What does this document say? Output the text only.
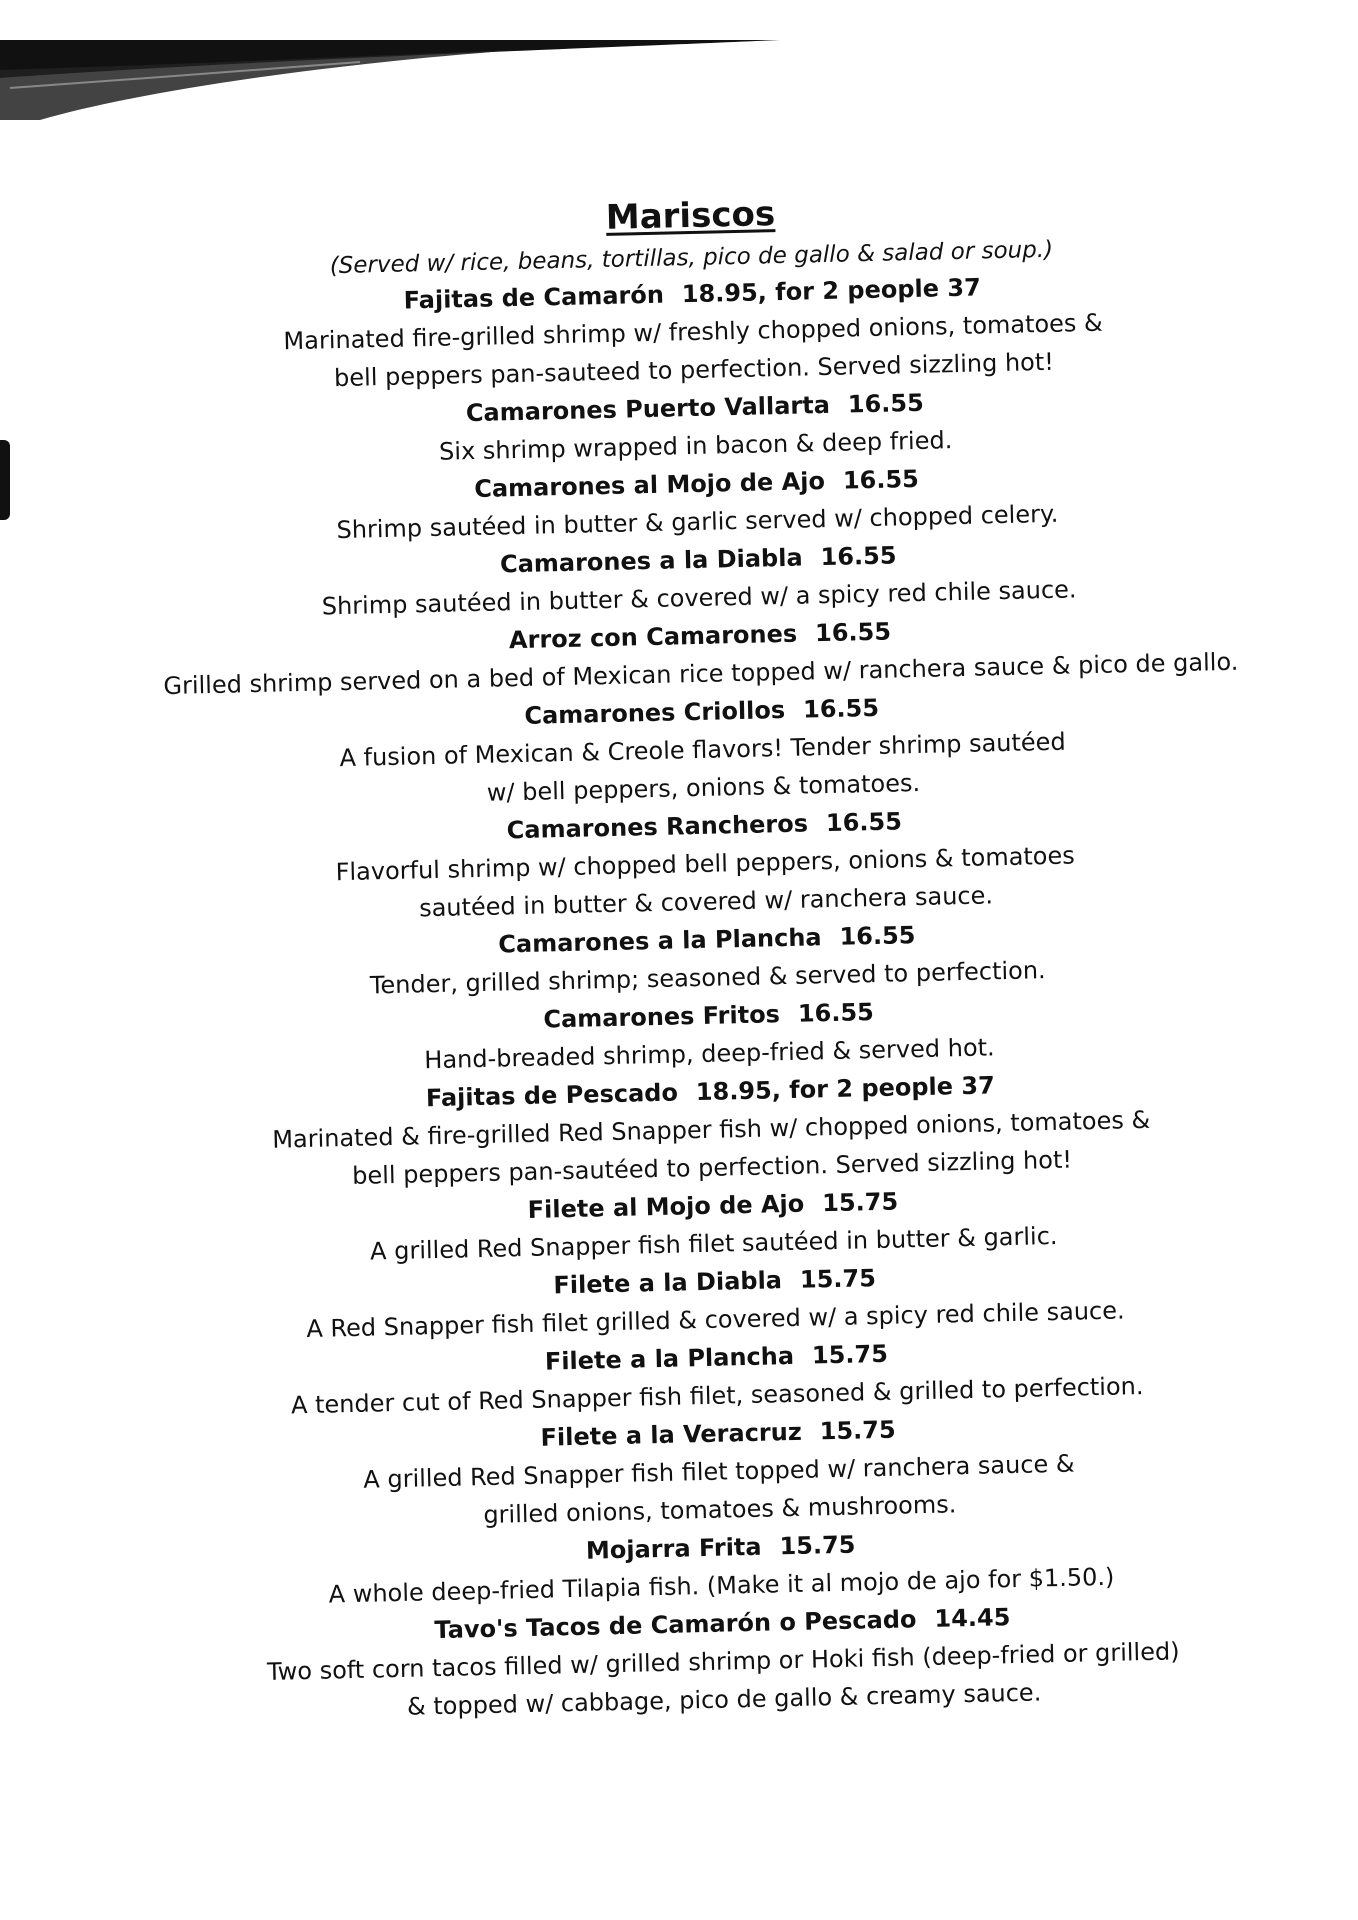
Mariscos
(Served w/ rice, beans, tortillas, pico de gallo & salad or soup.)
Fajitas de Camarón 18.95, for 2 people 37
Marinated fire-grilled shrimp w/ freshly chopped onions, tomatoes &
bell peppers pan-sauteed to perfection. Served sizzling hot!
Camarones Puerto Vallarta 16.55
Six shrimp wrapped in bacon & deep fried.
Camarones al Mojo de Ajo 16.55
Shrimp sautéed in butter & garlic served w/ chopped celery.
Camarones a la Diabla 16.55
Shrimp sautéed in butter & covered w/ a spicy red chile sauce.
Arroz con Camarones 16.55
Grilled shrimp served on a bed of Mexican rice topped w/ ranchera sauce & pico de gallo.
Camarones Criollos 16.55
A fusion of Mexican & Creole flavors! Tender shrimp sautéed
w/ bell peppers, onions & tomatoes.
Camarones Rancheros 16.55
Flavorful shrimp w/ chopped bell peppers, onions & tomatoes
sautéed in butter & covered w/ ranchera sauce.
Camarones a la Plancha 16.55
Tender, grilled shrimp; seasoned & served to perfection.
Camarones Fritos 16.55
Hand-breaded shrimp, deep-fried & served hot.
Fajitas de Pescado 18.95, for 2 people 37
Marinated & fire-grilled Red Snapper fish w/ chopped onions, tomatoes &
bell peppers pan-sautéed to perfection. Served sizzling hot!
Filete al Mojo de Ajo 15.75
A grilled Red Snapper fish filet sautéed in butter & garlic.
Filete a la Diabla 15.75
A Red Snapper fish filet grilled & covered w/ a spicy red chile sauce.
Filete a la Plancha 15.75
A tender cut of Red Snapper fish filet, seasoned & grilled to perfection.
Filete a la Veracruz 15.75
A grilled Red Snapper fish filet topped w/ ranchera sauce &
grilled onions, tomatoes & mushrooms.
Mojarra Frita 15.75
A whole deep-fried Tilapia fish. (Make it al mojo de ajo for $1.50.)
Tavo's Tacos de Camarón o Pescado 14.45
Two soft corn tacos filled w/ grilled shrimp or Hoki fish (deep-fried or grilled)
& topped w/ cabbage, pico de gallo & creamy sauce.
